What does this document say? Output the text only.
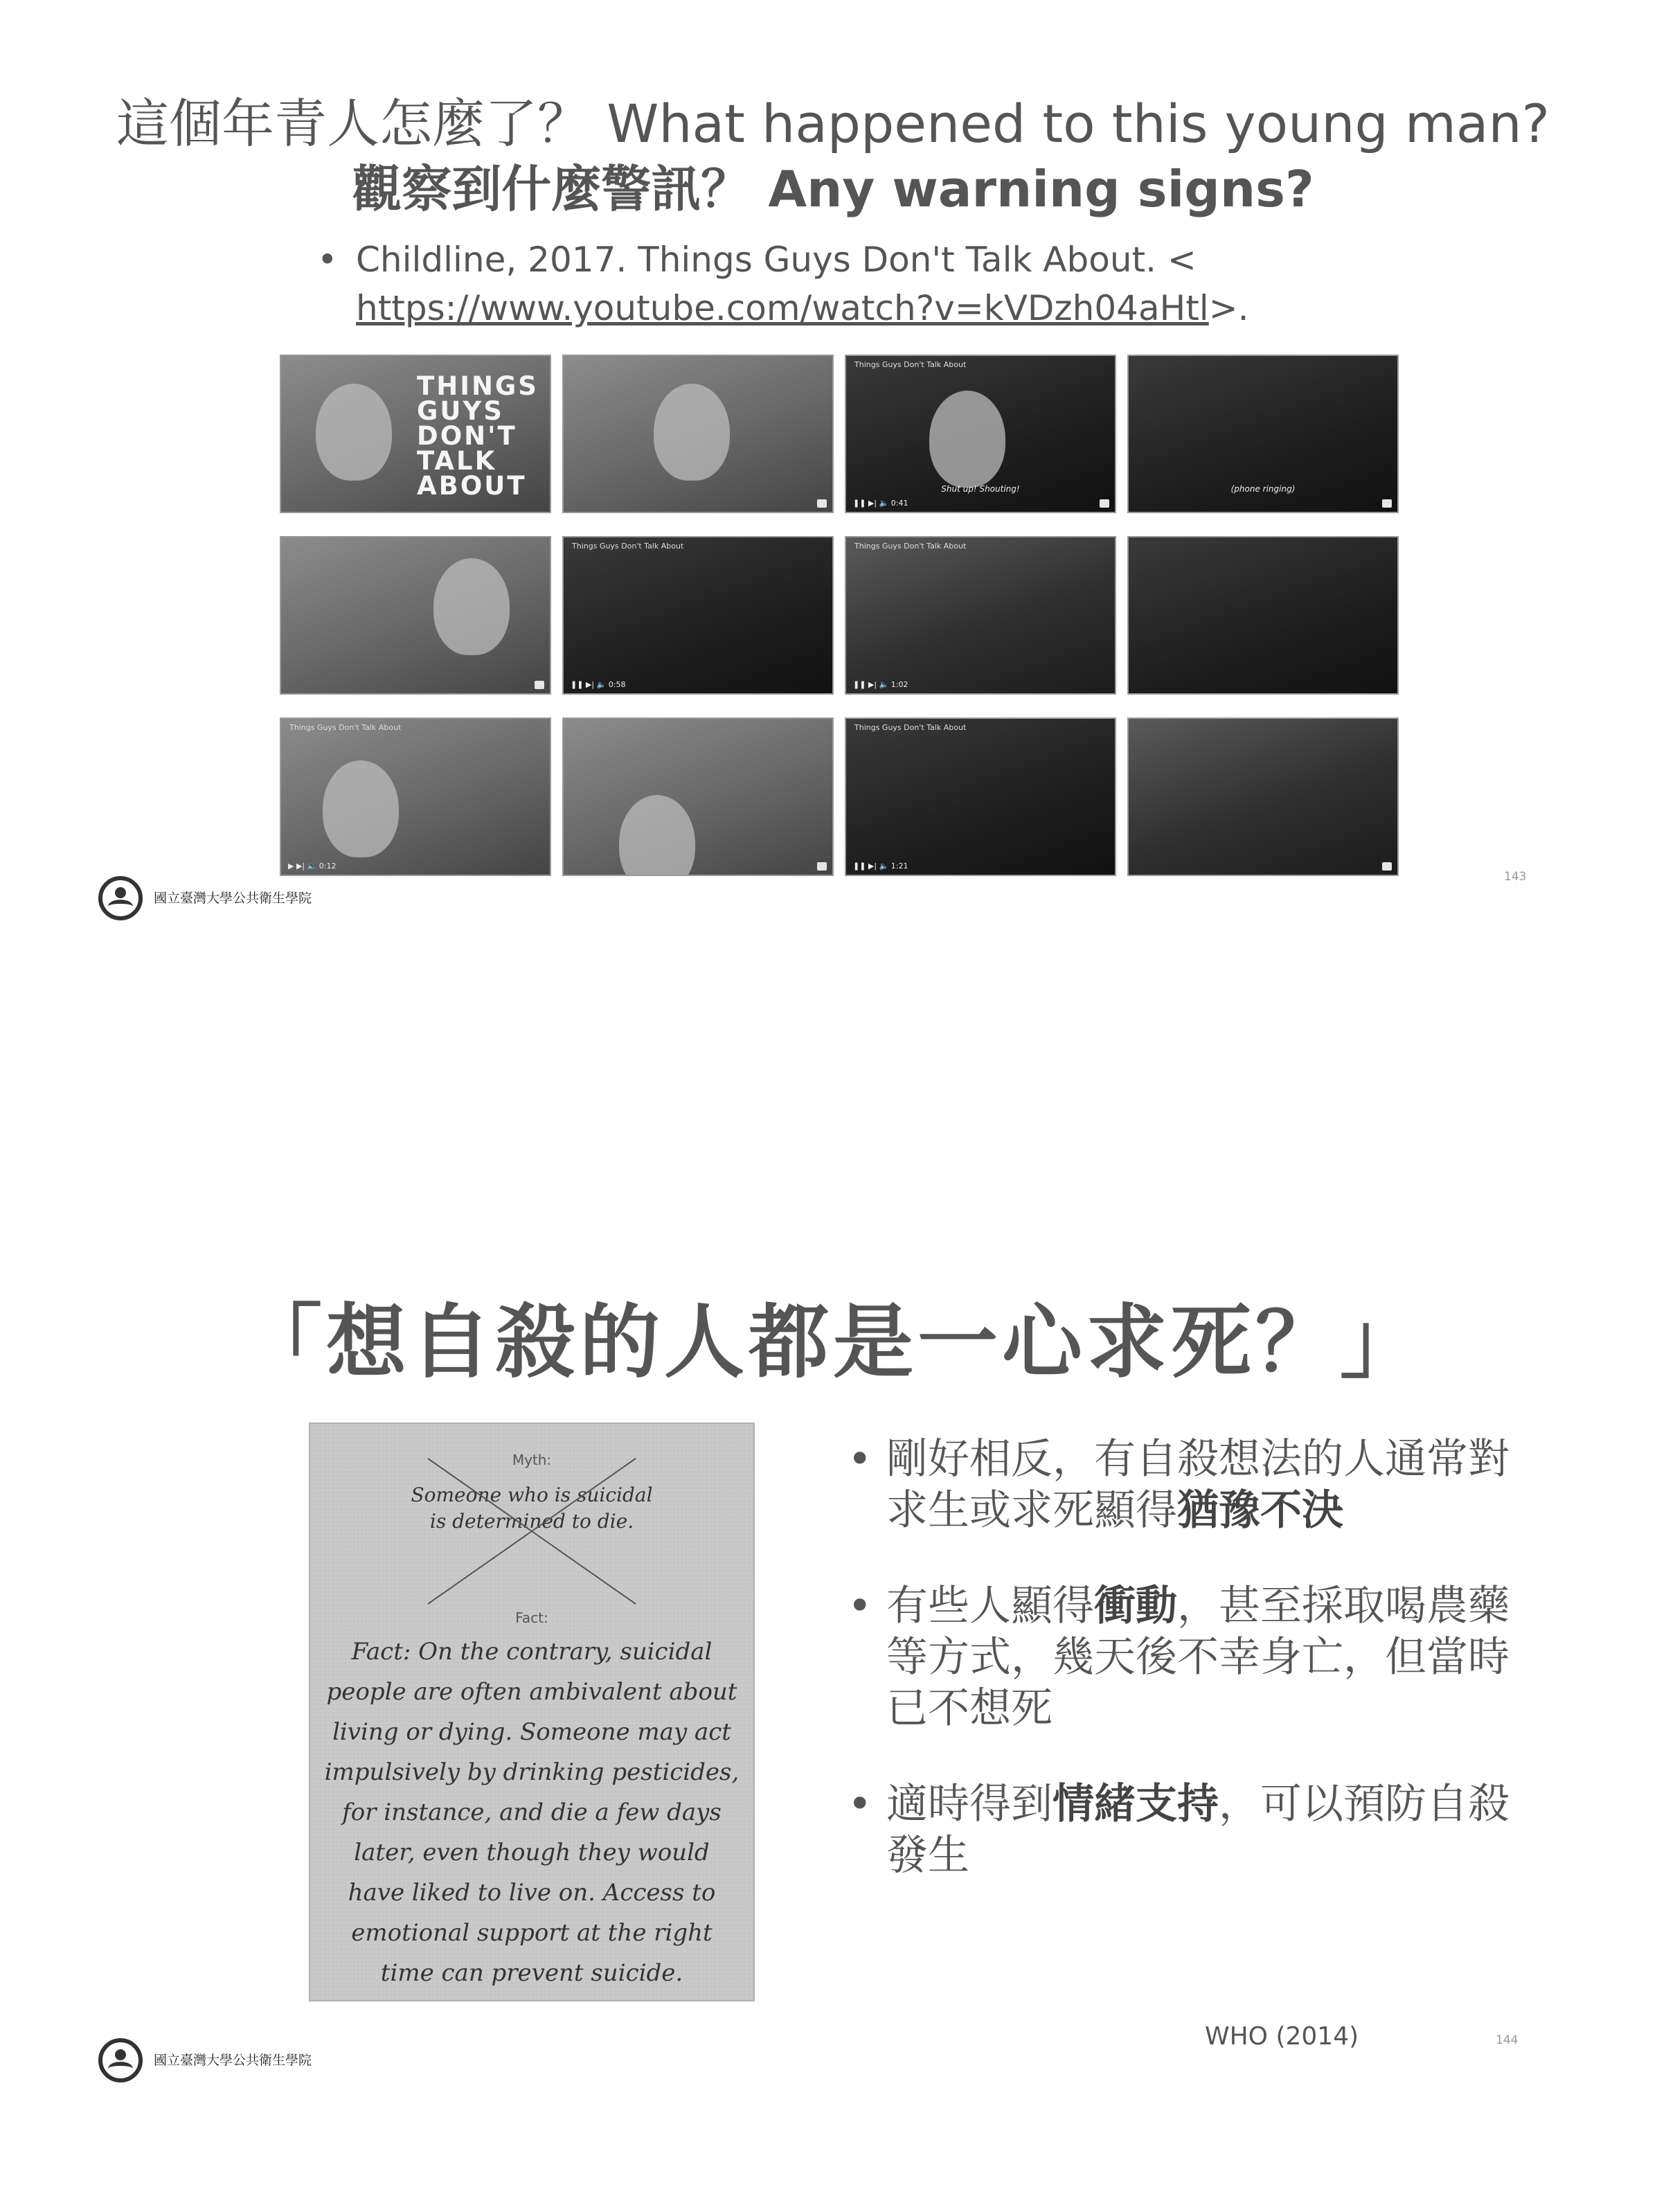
這個年青人怎麼了？ What happened to this young man?
觀察到什麼警訊？ Any warning signs?
• Childline, 2017. Things Guys Don't Talk About. <
https://www.youtube.com/watch?v=kVDzh04aHtl>.
THINGS GUYS DON'T TALK ABOUT
Things Guys Don't Talk About
Shut up! Shouting!
❚❚ ▶| 🔈 0:41
(phone ringing)
Things Guys Don't Talk About
❚❚ ▶| 🔈 0:58
Things Guys Don't Talk About
❚❚ ▶| 🔈 1:02
Things Guys Don't Talk About
▶ ▶| 🔈 0:12
Things Guys Don't Talk About
❚❚ ▶| 🔈 1:21
國立臺灣大學公共衛生學院
143
「想自殺的人都是一心求死？」
Myth:
Someone who is suicidal
is determined to die.
Fact:
Fact: On the contrary, suicidal people are often ambivalent about living or dying. Someone may act impulsively by drinking pesticides, for instance, and die a few days later, even though they would have liked to live on. Access to emotional support at the right time can prevent suicide.
• 剛好相反，有自殺想法的人通常對求生或求死顯得猶豫不決
• 有些人顯得衝動，甚至採取喝農藥等方式，幾天後不幸身亡，但當時已不想死
• 適時得到情緒支持，可以預防自殺發生
WHO (2014)
國立臺灣大學公共衛生學院
144
